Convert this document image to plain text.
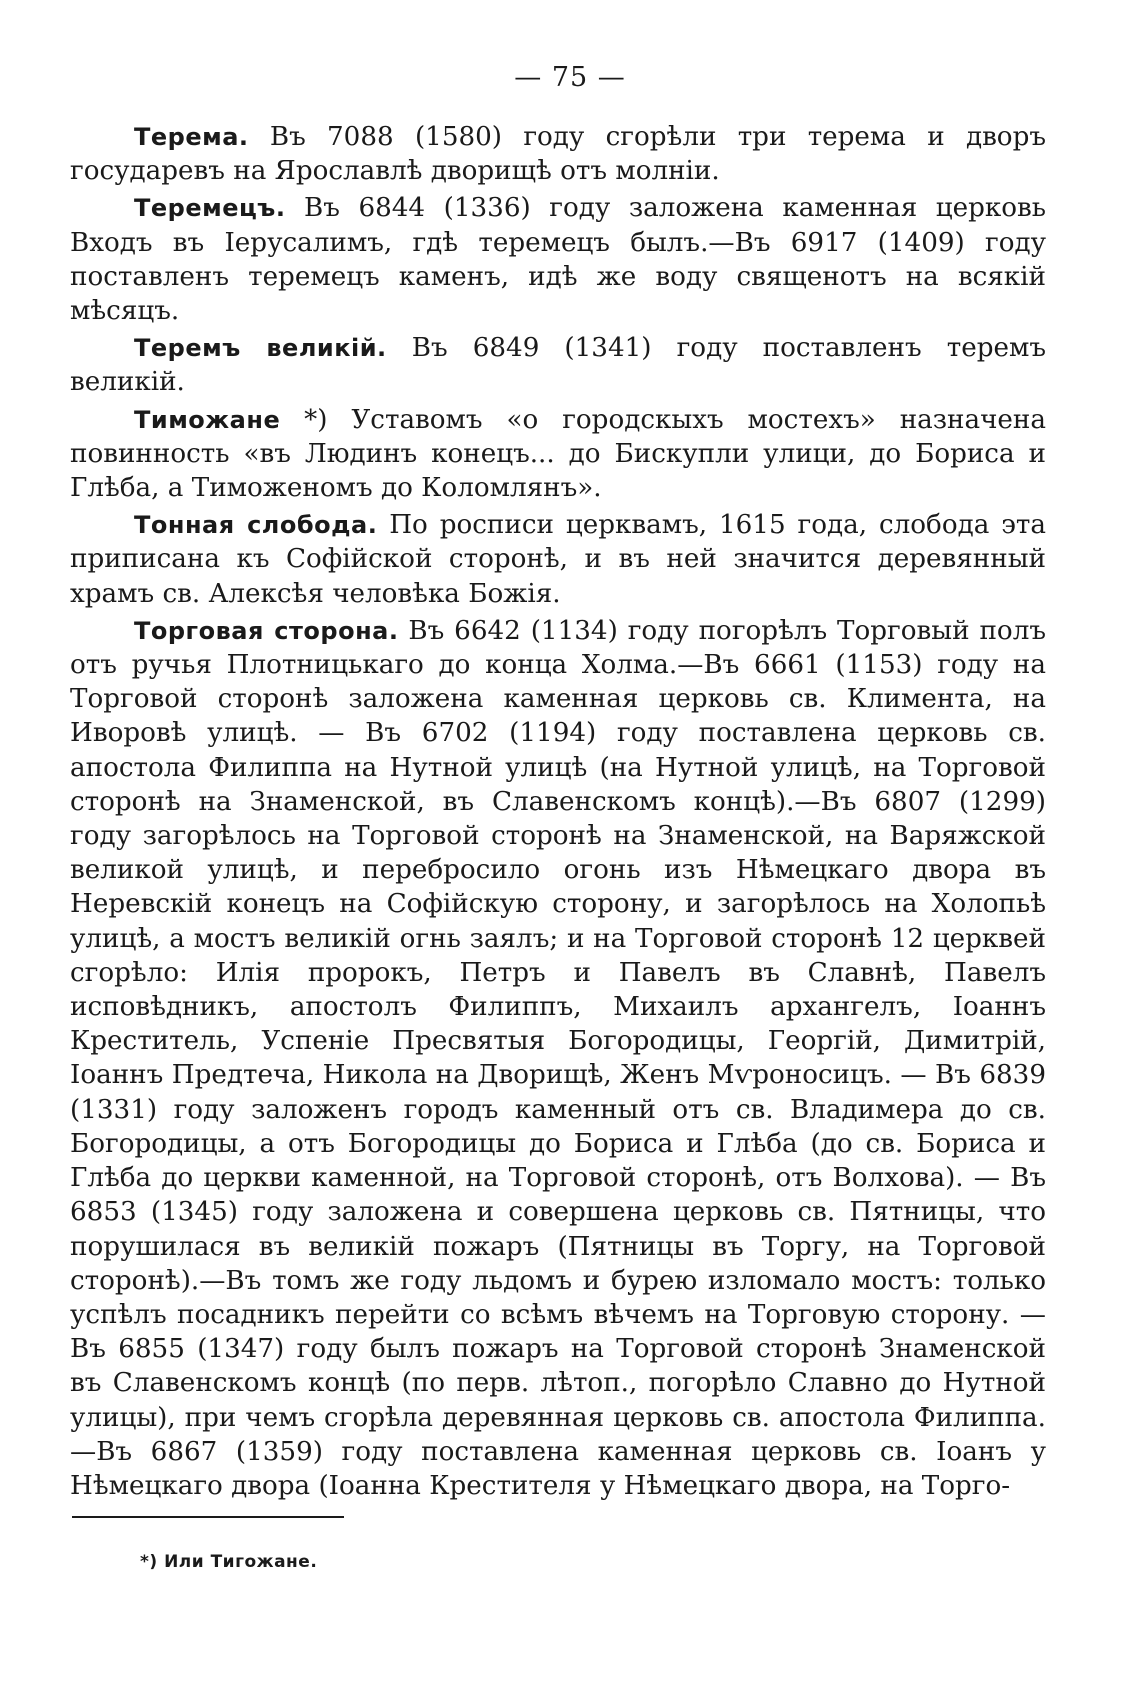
— 75 —

Терема. Въ 7088 (1580) году сгорѣли три терема и дворъ государевъ на Ярославлѣ дворищѣ отъ молніи.

Теремецъ. Въ 6844 (1336) году заложена каменная церковь Входъ въ Іерусалимъ, гдѣ теремецъ былъ.—Въ 6917 (1409) году поставленъ теремецъ каменъ, идѣ же воду священотъ на всякій мѣсяцъ.

Теремъ великій. Въ 6849 (1341) году поставленъ теремъ великій.

Тиможане *) Уставомъ «о городскыхъ мостехъ» назначена повинность «въ Людинъ конецъ... до Бискупли улици, до Бориса и Глѣба, а Тиможеномъ до Коломлянъ».

Тонная слобода. По росписи церквамъ, 1615 года, слобода эта приписана къ Софійской сторонѣ, и въ ней значится деревянный храмъ св. Алексѣя человѣка Божія.

Торговая сторона. Въ 6642 (1134) году погорѣлъ Торговый полъ отъ ручья Плотницькаго до конца Холма.—Въ 6661 (1153) году на Торговой сторонѣ заложена каменная церковь св. Климента, на Иворовѣ улицѣ. — Въ 6702 (1194) году поставлена церковь св. апостола Филиппа на Нутной улицѣ (на Нутной улицѣ, на Торговой сторонѣ на Знаменской, въ Славенскомъ концѣ).—Въ 6807 (1299) году загорѣлось на Торговой сторонѣ на Знаменской, на Варяжской великой улицѣ, и перебросило огонь изъ Нѣмецкаго двора въ Неревскій конецъ на Софійскую сторону, и загорѣлось на Холопьѣ улицѣ, а мостъ великій огнь заялъ; и на Торговой сторонѣ 12 церквей сгорѣло: Илія пророкъ, Петръ и Павелъ въ Славнѣ, Павелъ исповѣдникъ, апостолъ Филиппъ, Михаилъ архангелъ, Іоаннъ Креститель, Успеніе Пресвятыя Богородицы, Георгій, Димитрій, Іоаннъ Предтеча, Никола на Дворищѣ, Женъ Мѵроносицъ. — Въ 6839 (1331) году заложенъ городъ каменный отъ св. Владимера до св. Богородицы, а отъ Богородицы до Бориса и Глѣба (до св. Бориса и Глѣба до церкви каменной, на Торговой сторонѣ, отъ Волхова). — Въ 6853 (1345) году заложена и совершена церковь св. Пятницы, что порушилася въ великій пожаръ (Пятницы въ Торгу, на Торговой сторонѣ).—Въ томъ же году льдомъ и бурею изломало мостъ: только успѣлъ посадникъ перейти со всѣмъ вѣчемъ на Торговую сторону. — Въ 6855 (1347) году былъ пожаръ на Торговой сторонѣ Знаменской въ Славенскомъ концѣ (по перв. лѣтоп., погорѣло Славно до Нутной улицы), при чемъ сгорѣла деревянная церковь св. апостола Филиппа.—Въ 6867 (1359) году поставлена каменная церковь св. Іоанъ у Нѣмецкаго двора (Іоанна Крестителя у Нѣмецкаго двора, на Торго-

*) Или Тигожане.
